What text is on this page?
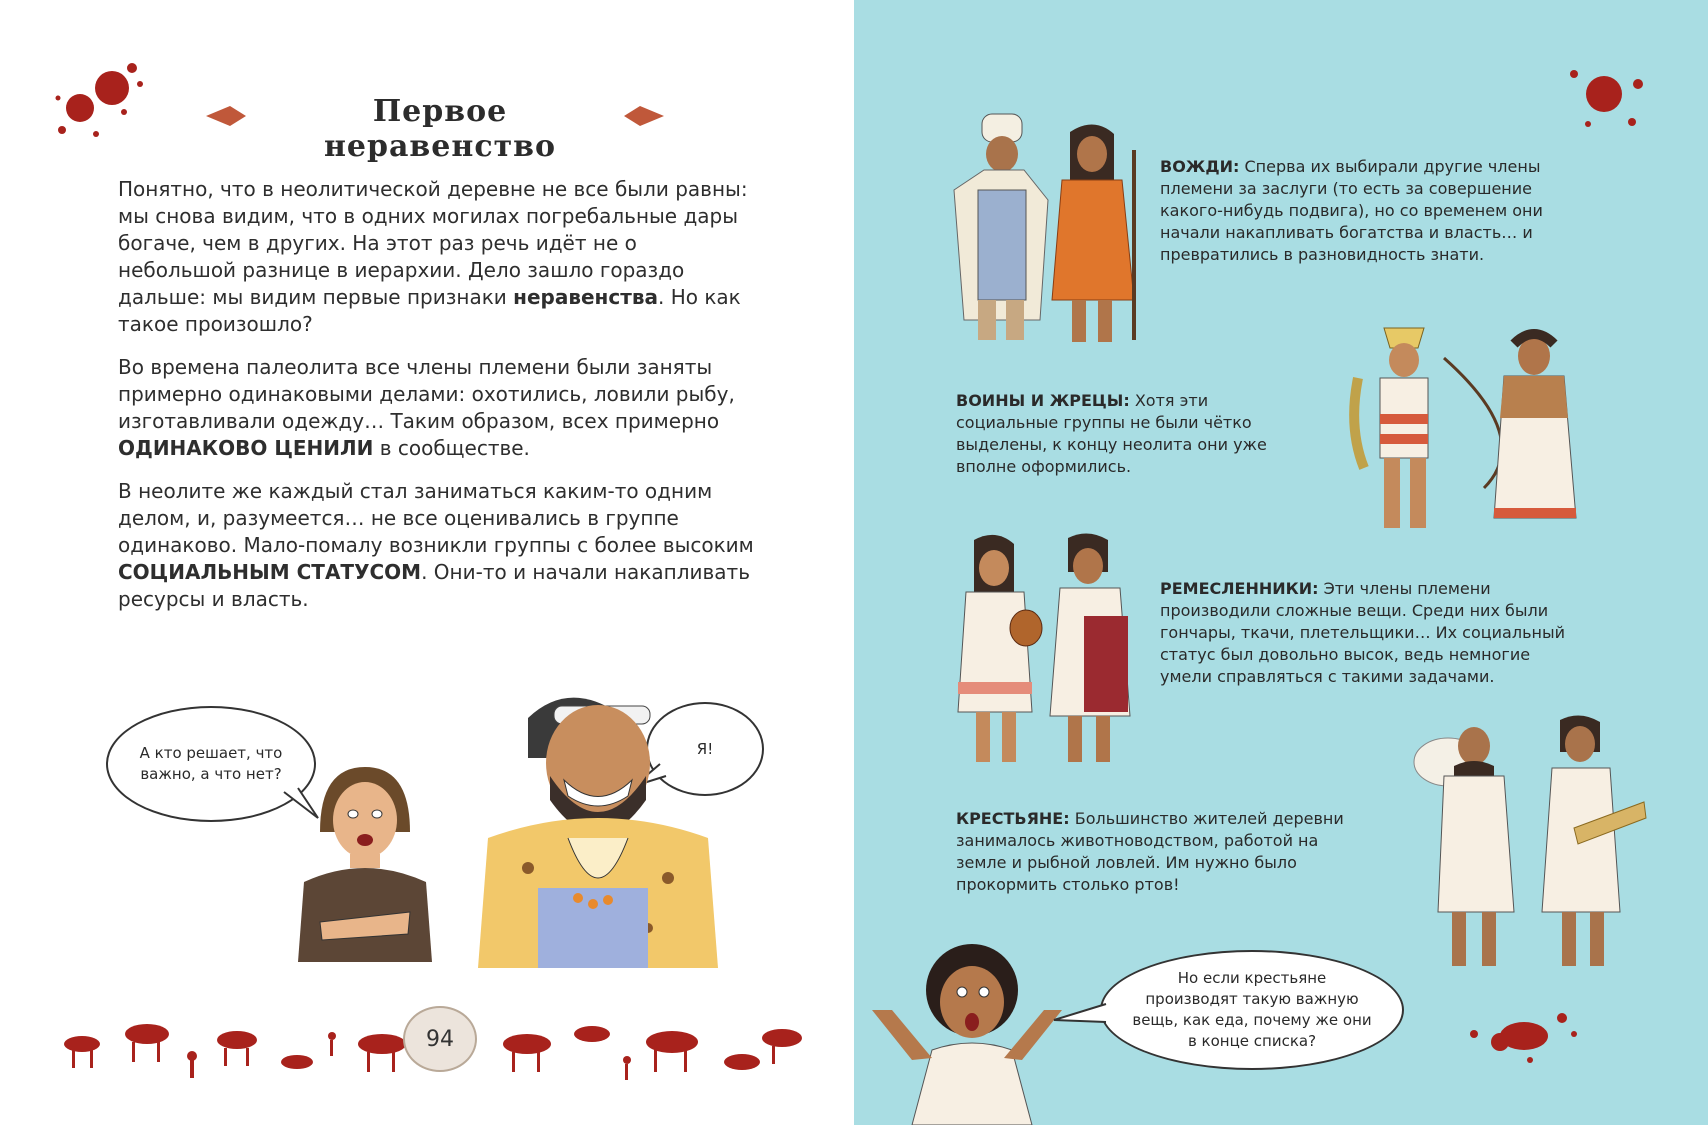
Первое неравенство

Понятно, что в неолитической деревне не все были равны: мы снова видим, что в одних могилах погребальные дары богаче, чем в других. На этот раз речь идёт не о небольшой разнице в иерархии. Дело зашло гораздо дальше: мы видим первые признаки неравенства. Но как такое произошло?

Во времена палеолита все члены племени были заняты примерно одинаковыми делами: охотились, ловили рыбу, изготавливали одежду… Таким образом, всех примерно ОДИНАКОВО ЦЕНИЛИ в сообществе.

В неолите же каждый стал заниматься каким-то одним делом, и, разумеется… не все оценивались в группе одинаково. Мало-помалу возникли группы с более высоким СОЦИАЛЬНЫМ СТАТУСОМ. Они-то и начали накапливать ресурсы и власть.

А кто решает, что важно, а что нет?
Я!
94
ВОЖДИ: Сперва их выбирали другие члены племени за заслуги (то есть за совершение какого-нибудь подвига), но со временем они начали накапливать богатства и власть… и превратились в разновидность знати.
ВОИНЫ И ЖРЕЦЫ: Хотя эти социальные группы не были чётко выделены, к концу неолита они уже вполне оформились.
РЕМЕСЛЕННИКИ: Эти члены племени производили сложные вещи. Среди них были гончары, ткачи, плетельщики… Их социальный статус был довольно высок, ведь немногие умели справляться с такими задачами.
КРЕСТЬЯНЕ: Большинство жителей деревни занималось животноводством, работой на земле и рыбной ловлей. Им нужно было прокормить столько ртов!
Но если крестьяне производят такую важную вещь, как еда, почему же они в конце списка?
